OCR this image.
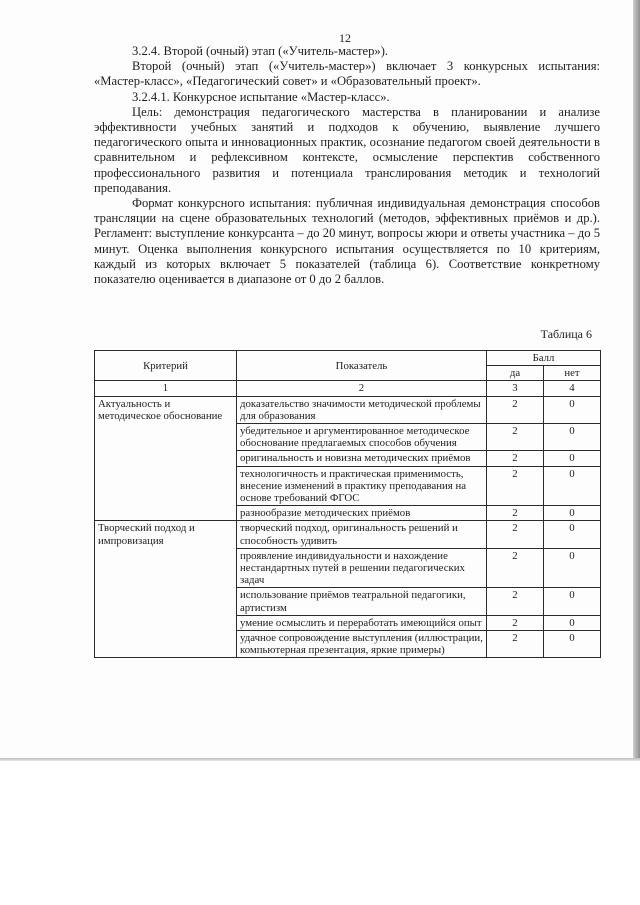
12

3.2.4. Второй (очный) этап («Учитель-мастер»).

Второй (очный) этап («Учитель-мастер») включает 3 конкурсных испытания: «Мастер-класс», «Педагогический совет» и «Образовательный проект».

3.2.4.1. Конкурсное испытание «Мастер-класс».

Цель: демонстрация педагогического мастерства в планировании и анализе эффективности учебных занятий и подходов к обучению, выявление лучшего педагогического опыта и инновационных практик, осознание педагогом своей деятельности в сравнительном и рефлексивном контексте, осмысление перспектив собственного профессионального развития и потенциала транслирования методик и технологий преподавания.

Формат конкурсного испытания: публичная индивидуальная демонстрация способов трансляции на сцене образовательных технологий (методов, эффективных приёмов и др.). Регламент: выступление конкурсанта – до 20 минут, вопросы жюри и ответы участника – до 5 минут. Оценка выполнения конкурсного испытания осуществляется по 10 критериям, каждый из которых включает 5 показателей (таблица 6). Соответствие конкретному показателю оценивается в диапазоне от 0 до 2 баллов.

Таблица 6
Критерий	Показатель	Балл	
		да	нет
1	2	3	4
Актуальность и методическое обоснование	доказательство значимости методической проблемы для образования	2	0
	убедительное и аргументированное методическое обоснование предлагаемых способов обучения	2	0
	оригинальность и новизна методических приёмов	2	0
	технологичность и практическая применимость, внесение изменений в практику преподавания на основе требований ФГОС	2	0
	разнообразие методических приёмов	2	0
Творческий подход и импровизация	творческий подход, оригинальность решений и способность удивить	2	0
	проявление индивидуальности и нахождение нестандартных путей в решении педагогических задач	2	0
	использование приёмов театральной педагогики, артистизм	2	0
	умение осмыслить и переработать имеющийся опыт	2	0
	удачное сопровождение выступления (иллюстрации, компьютерная презентация, яркие примеры)	2	0
